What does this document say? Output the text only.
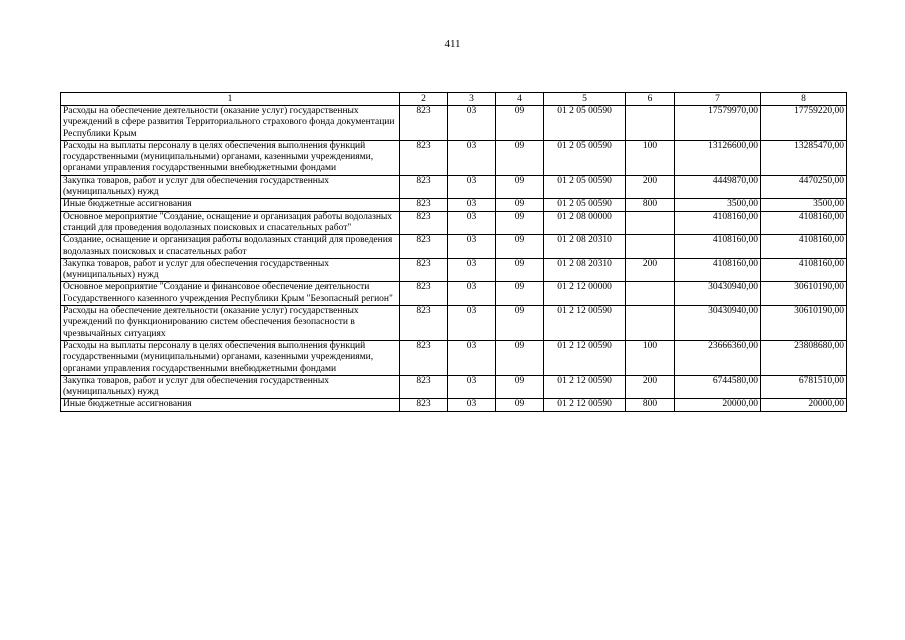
411
1	2	3	4	5	6	7	8
Расходы на обеспечение деятельности (оказание услуг) государственных учреждений в сфере развития Территориального страхового фонда документации Республики Крым	823	03	09	01 2 05 00590		17579970,00	17759220,00
Расходы на выплаты персоналу в целях обеспечения выполнения функций государственными (муниципальными) органами, казенными учреждениями, органами управления государственными внебюджетными фондами	823	03	09	01 2 05 00590	100	13126600,00	13285470,00
Закупка товаров, работ и услуг для обеспечения государственных (муниципальных) нужд	823	03	09	01 2 05 00590	200	4449870,00	4470250,00
Иные бюджетные ассигнования	823	03	09	01 2 05 00590	800	3500,00	3500,00
Основное мероприятие "Создание, оснащение и организация работы водолазных станций для проведения водолазных поисковых и спасательных работ"	823	03	09	01 2 08 00000		4108160,00	4108160,00
Создание, оснащение и организация работы водолазных станций для проведения водолазных поисковых и спасательных работ	823	03	09	01 2 08 20310		4108160,00	4108160,00
Закупка товаров, работ и услуг для обеспечения государственных (муниципальных) нужд	823	03	09	01 2 08 20310	200	4108160,00	4108160,00
Основное мероприятие "Создание и финансовое обеспечение деятельности Государственного казенного учреждения Республики Крым "Безопасный регион"	823	03	09	01 2 12 00000		30430940,00	30610190,00
Расходы на обеспечение деятельности (оказание услуг) государственных учреждений по функционированию систем обеспечения безопасности в чрезвычайных ситуациях	823	03	09	01 2 12 00590		30430940,00	30610190,00
Расходы на выплаты персоналу в целях обеспечения выполнения функций государственными (муниципальными) органами, казенными учреждениями, органами управления государственными внебюджетными фондами	823	03	09	01 2 12 00590	100	23666360,00	23808680,00
Закупка товаров, работ и услуг для обеспечения государственных (муниципальных) нужд	823	03	09	01 2 12 00590	200	6744580,00	6781510,00
Иные бюджетные ассигнования	823	03	09	01 2 12 00590	800	20000,00	20000,00
